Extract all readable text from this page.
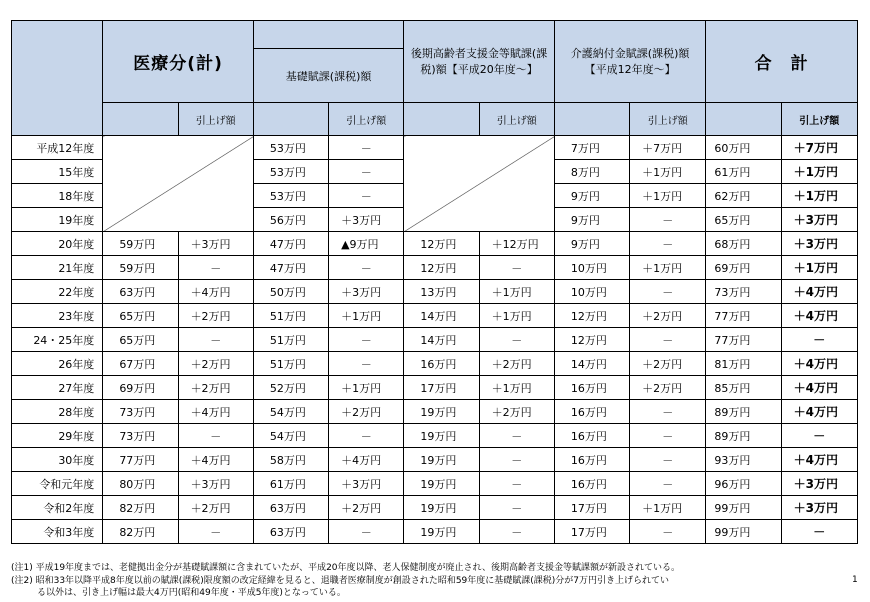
	医療分(計)				後期高齢者支援金等賦課(課税)額【平成20年度～】		介護納付金賦課(課税)額【平成12年度～】		合　計	
			基礎賦課(課税)額							
		引上げ額		引上げ額		引上げ額		引上げ額		引上げ額
平成12年度			53万円	－			7万円	＋7万円	60万円	＋7万円
15年度			53万円	－			8万円	＋1万円	61万円	＋1万円
18年度			53万円	－			9万円	＋1万円	62万円	＋1万円
19年度			56万円	＋3万円			9万円	－	65万円	＋3万円
20年度	59万円	＋3万円	47万円	▲9万円	12万円	＋12万円	9万円	－	68万円	＋3万円
21年度	59万円	－	47万円	－	12万円	－	10万円	＋1万円	69万円	＋1万円
22年度	63万円	＋4万円	50万円	＋3万円	13万円	＋1万円	10万円	－	73万円	＋4万円
23年度	65万円	＋2万円	51万円	＋1万円	14万円	＋1万円	12万円	＋2万円	77万円	＋4万円
24・25年度	65万円	－	51万円	－	14万円	－	12万円	－	77万円	－
26年度	67万円	＋2万円	51万円	－	16万円	＋2万円	14万円	＋2万円	81万円	＋4万円
27年度	69万円	＋2万円	52万円	＋1万円	17万円	＋1万円	16万円	＋2万円	85万円	＋4万円
28年度	73万円	＋4万円	54万円	＋2万円	19万円	＋2万円	16万円	－	89万円	＋4万円
29年度	73万円	－	54万円	－	19万円	－	16万円	－	89万円	－
30年度	77万円	＋4万円	58万円	＋4万円	19万円	－	16万円	－	93万円	＋4万円
令和元年度	80万円	＋3万円	61万円	＋3万円	19万円	－	16万円	－	96万円	＋3万円
令和2年度	82万円	＋2万円	63万円	＋2万円	19万円	－	17万円	＋1万円	99万円	＋3万円
令和3年度	82万円	－	63万円	－	19万円	－	17万円	－	99万円	－
(注1) 平成19年度までは、老健拠出金分が基礎賦課額に含まれていたが、平成20年度以降、老人保健制度が廃止され、後期高齢者支援金等賦課額が新設されている。
(注2) 昭和33年以降平成8年度以前の賦課(課税)限度額の改定経緯を見ると、退職者医療制度が創設された昭和59年度に基礎賦課(課税)分が7万円引き上げられてい
る以外は、引き上げ幅は最大4万円(昭和49年度・平成5年度)となっている。
1
